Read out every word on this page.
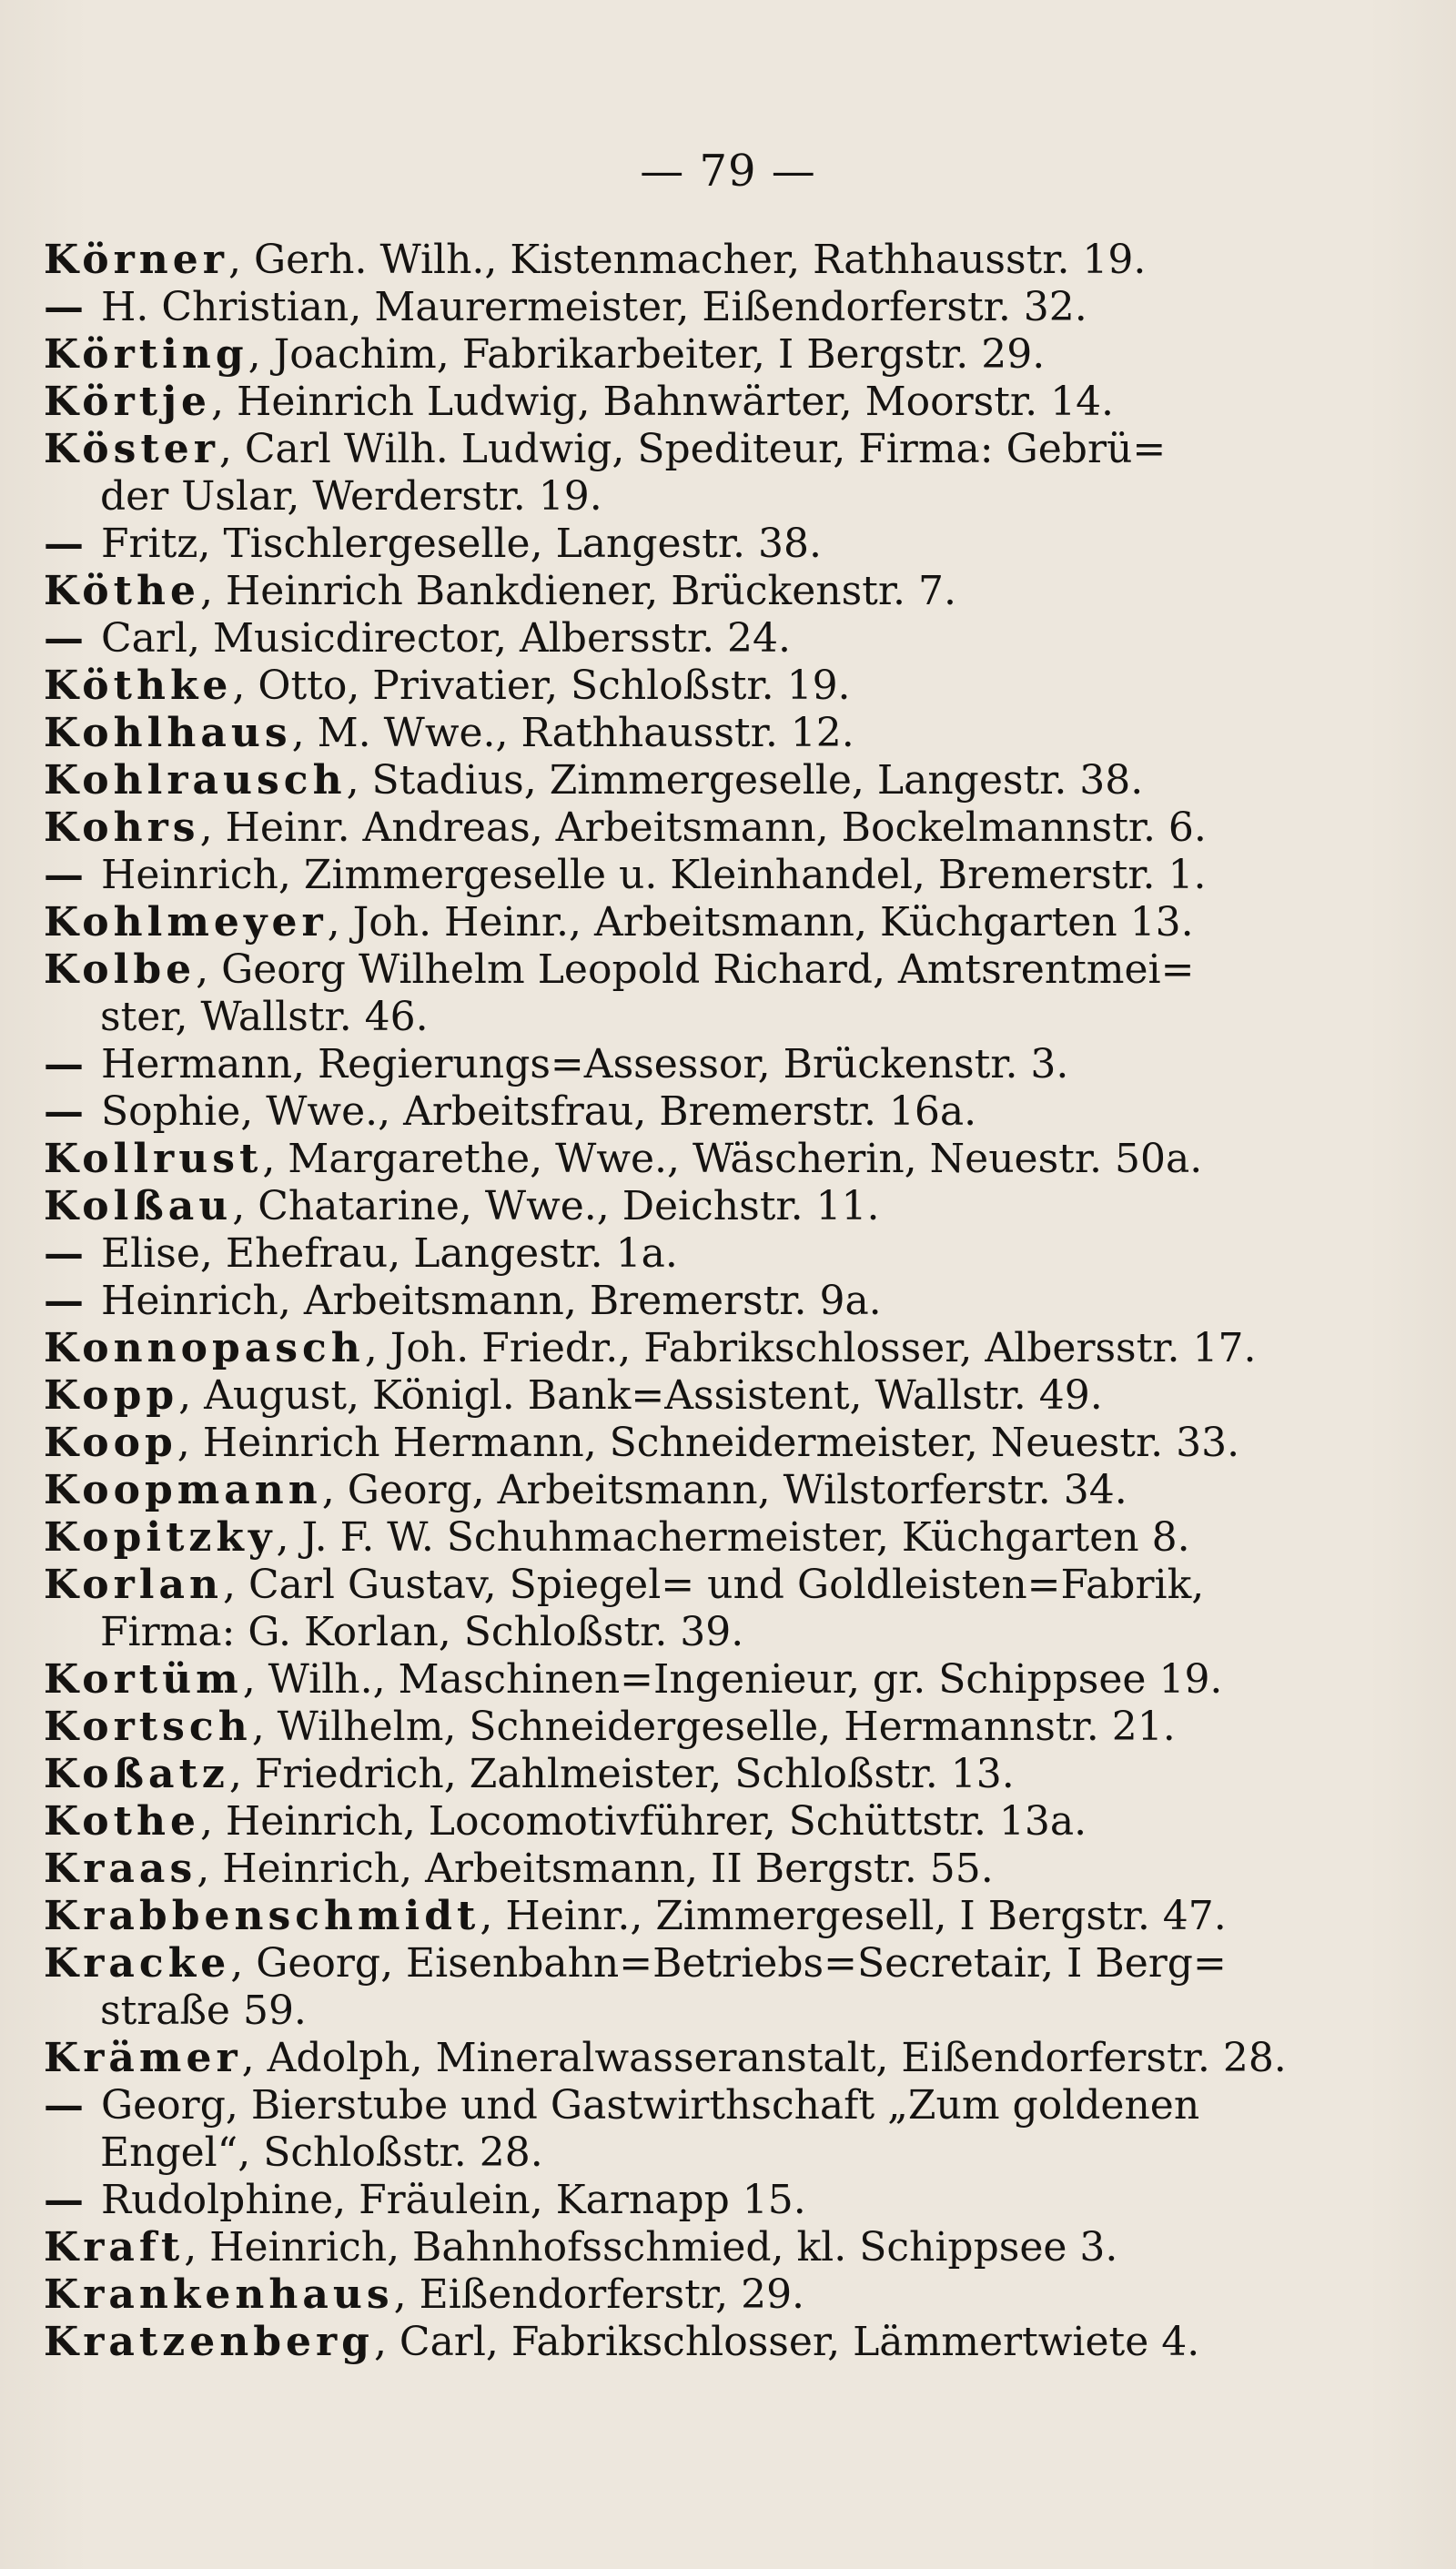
— 79 —

Körner, Gerh. Wilh., Kistenmacher, Rathhausstr. 19.

— H. Christian, Maurermeister, Eißendorferstr. 32.

Körting, Joachim, Fabrikarbeiter, I Bergstr. 29.

Körtje, Heinrich Ludwig, Bahnwärter, Moorstr. 14.

Köster, Carl Wilh. Ludwig, Spediteur, Firma: Gebrü=
der Uslar, Werderstr. 19.

— Fritz, Tischlergeselle, Langestr. 38.

Köthe, Heinrich Bankdiener, Brückenstr. 7.

— Carl, Musicdirector, Albersstr. 24.

Köthke, Otto, Privatier, Schloßstr. 19.

Kohlhaus, M. Wwe., Rathhausstr. 12.

Kohlrausch, Stadius, Zimmergeselle, Langestr. 38.

Kohrs, Heinr. Andreas, Arbeitsmann, Bockelmannstr. 6.

— Heinrich, Zimmergeselle u. Kleinhandel, Bremerstr. 1.

Kohlmeyer, Joh. Heinr., Arbeitsmann, Küchgarten 13.

Kolbe, Georg Wilhelm Leopold Richard, Amtsrentmei=
ster, Wallstr. 46.

— Hermann, Regierungs=Assessor, Brückenstr. 3.

— Sophie, Wwe., Arbeitsfrau, Bremerstr. 16a.

Kollrust, Margarethe, Wwe., Wäscherin, Neuestr. 50a.

Kolßau, Chatarine, Wwe., Deichstr. 11.

— Elise, Ehefrau, Langestr. 1a.

— Heinrich, Arbeitsmann, Bremerstr. 9a.

Konnopasch, Joh. Friedr., Fabrikschlosser, Albersstr. 17.

Kopp, August, Königl. Bank=Assistent, Wallstr. 49.

Koop, Heinrich Hermann, Schneidermeister, Neuestr. 33.

Koopmann, Georg, Arbeitsmann, Wilstorferstr. 34.

Kopitzky, J. F. W. Schuhmachermeister, Küchgarten 8.

Korlan, Carl Gustav, Spiegel= und Goldleisten=Fabrik,
Firma: G. Korlan, Schloßstr. 39.

Kortüm, Wilh., Maschinen=Ingenieur, gr. Schippsee 19.

Kortsch, Wilhelm, Schneidergeselle, Hermannstr. 21.

Koßatz, Friedrich, Zahlmeister, Schloßstr. 13.

Kothe, Heinrich, Locomotivführer, Schüttstr. 13a.

Kraas, Heinrich, Arbeitsmann, II Bergstr. 55.

Krabbenschmidt, Heinr., Zimmergesell, I Bergstr. 47.

Kracke, Georg, Eisenbahn=Betriebs=Secretair, I Berg=
straße 59.

Krämer, Adolph, Mineralwasseranstalt, Eißendorferstr. 28.

— Georg, Bierstube und Gastwirthschaft „Zum goldenen
Engel“, Schloßstr. 28.

— Rudolphine, Fräulein, Karnapp 15.

Kraft, Heinrich, Bahnhofsschmied, kl. Schippsee 3.

Krankenhaus, Eißendorferstr, 29.

Kratzenberg, Carl, Fabrikschlosser, Lämmertwiete 4.
